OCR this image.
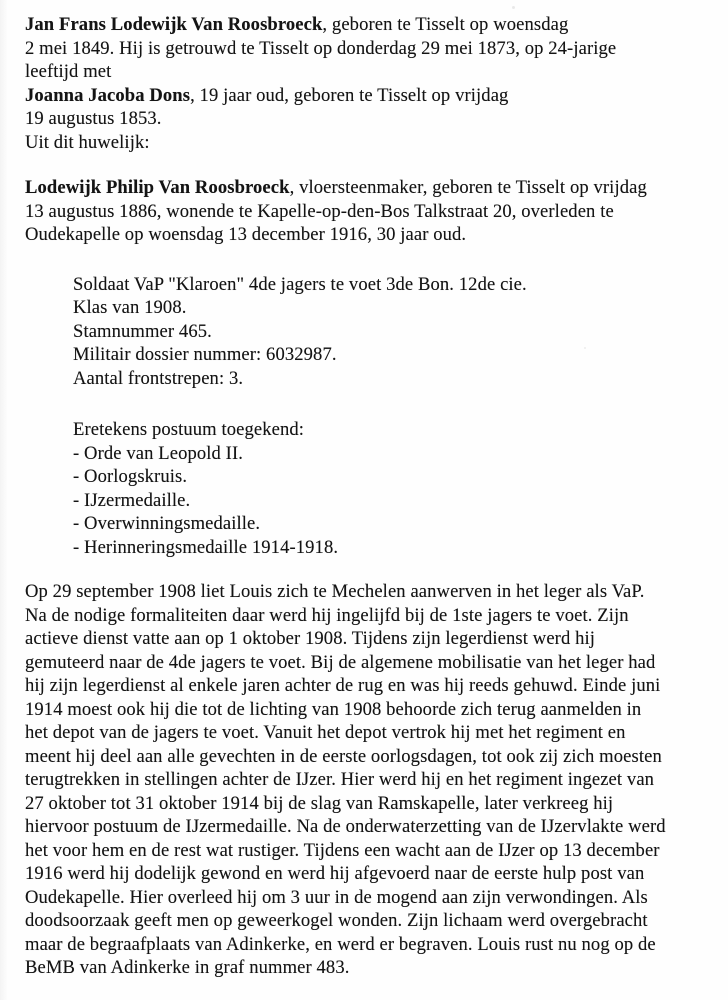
Jan Frans Lodewijk Van Roosbroeck, geboren te Tisselt op woensdag
2 mei 1849. Hij is getrouwd te Tisselt op donderdag 29 mei 1873, op 24-jarige
leeftijd met
Joanna Jacoba Dons, 19 jaar oud, geboren te Tisselt op vrijdag
19 augustus 1853.
Uit dit huwelijk:
Lodewijk Philip Van Roosbroeck, vloersteenmaker, geboren te Tisselt op vrijdag
13 augustus 1886, wonende te Kapelle-op-den-Bos Talkstraat 20, overleden te
Oudekapelle op woensdag 13 december 1916, 30 jaar oud.
Soldaat VaP "Klaroen" 4de jagers te voet 3de Bon. 12de cie.
Klas van 1908.
Stamnummer 465.
Militair dossier nummer: 6032987.
Aantal frontstrepen: 3.
Eretekens postuum toegekend:
- Orde van Leopold II.
- Oorlogskruis.
- IJzermedaille.
- Overwinningsmedaille.
- Herinneringsmedaille 1914-1918.
Op 29 september 1908 liet Louis zich te Mechelen aanwerven in het leger als VaP.
Na de nodige formaliteiten daar werd hij ingelijfd bij de 1ste jagers te voet. Zijn
actieve dienst vatte aan op 1 oktober 1908. Tijdens zijn legerdienst werd hij
gemuteerd naar de 4de jagers te voet. Bij de algemene mobilisatie van het leger had
hij zijn legerdienst al enkele jaren achter de rug en was hij reeds gehuwd. Einde juni
1914 moest ook hij die tot de lichting van 1908 behoorde zich terug aanmelden in
het depot van de jagers te voet. Vanuit het depot vertrok hij met het regiment en
meent hij deel aan alle gevechten in de eerste oorlogsdagen, tot ook zij zich moesten
terugtrekken in stellingen achter de IJzer. Hier werd hij en het regiment ingezet van
27 oktober tot 31 oktober 1914 bij de slag van Ramskapelle, later verkreeg hij
hiervoor postuum de IJzermedaille. Na de onderwaterzetting van de IJzervlakte werd
het voor hem en de rest wat rustiger. Tijdens een wacht aan de IJzer op 13 december
1916 werd hij dodelijk gewond en werd hij afgevoerd naar de eerste hulp post van
Oudekapelle. Hier overleed hij om 3 uur in de mogend aan zijn verwondingen. Als
doodsoorzaak geeft men op geweerkogel wonden. Zijn lichaam werd overgebracht
maar de begraafplaats van Adinkerke, en werd er begraven. Louis rust nu nog op de
BeMB van Adinkerke in graf nummer 483.
